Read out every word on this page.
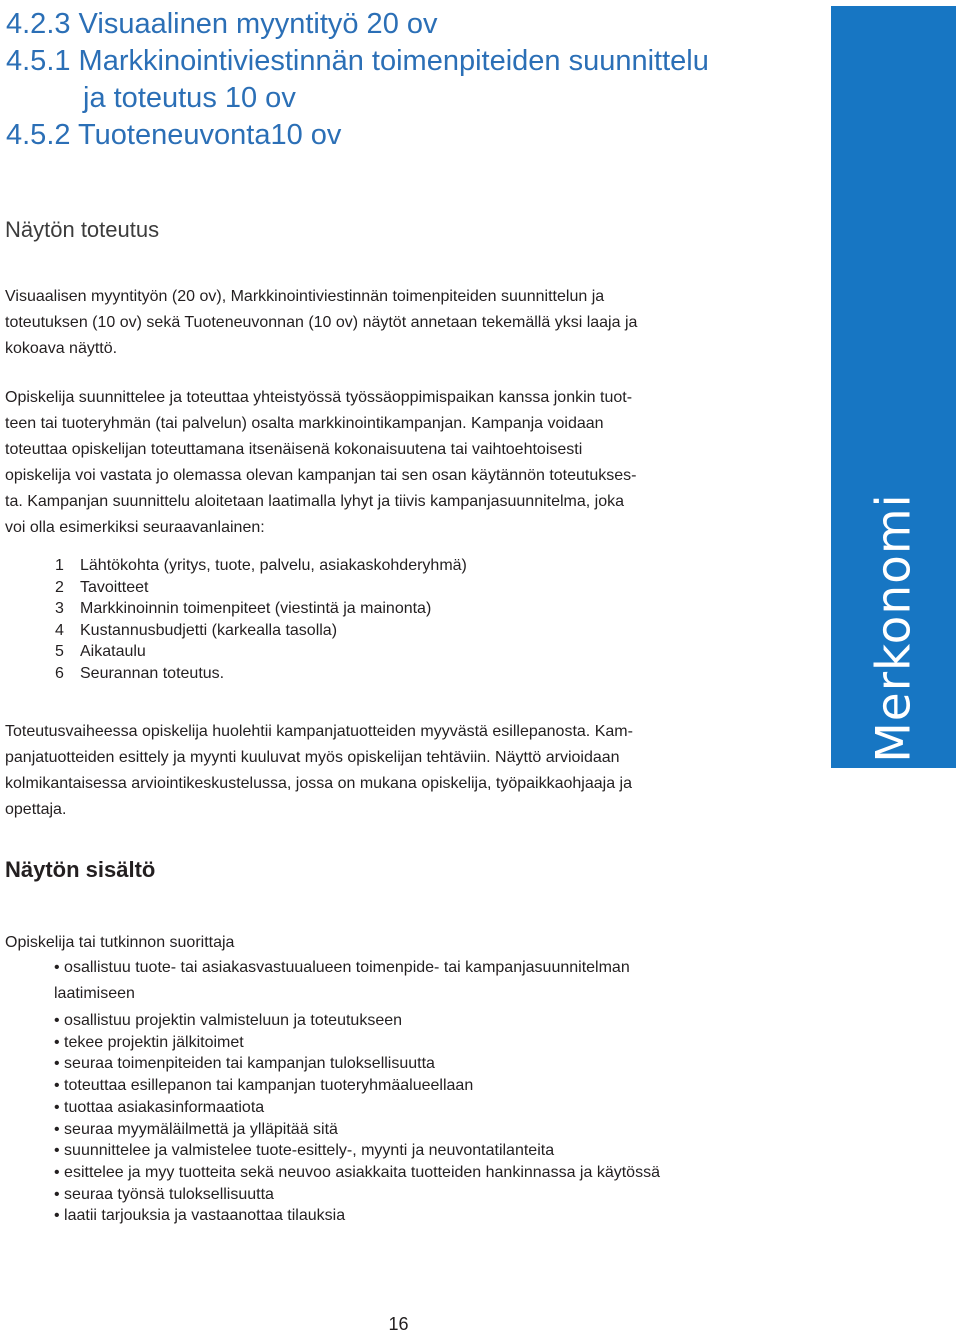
4.2.3 Visuaalinen myyntityö 20 ov
4.5.1 Markkinointiviestinnän toimenpiteiden suunnittelu
ja toteutus 10 ov
4.5.2 Tuoteneuvonta10 ov
Merkonomi
Näytön toteutus
Visuaalisen myyntityön (20 ov), Markkinointiviestinnän toimenpiteiden suunnittelun ja
toteutuksen (10 ov) sekä Tuoteneuvonnan (10 ov) näytöt annetaan tekemällä yksi laaja ja
kokoava näyttö.
Opiskelija suunnittelee ja toteuttaa yhteistyössä työssäoppimispaikan kanssa jonkin tuot-
teen tai tuoteryhmän (tai palvelun) osalta markkinointikampanjan. Kampanja voidaan
toteuttaa opiskelijan toteuttamana itsenäisenä kokonaisuutena tai vaihtoehtoisesti
opiskelija voi vastata jo olemassa olevan kampanjan tai sen osan käytännön toteutukses-
ta. Kampanjan suunnittelu aloitetaan laatimalla lyhyt ja tiivis kampanjasuunnitelma, joka
voi olla esimerkiksi seuraavanlainen:
1 Lähtökohta (yritys, tuote, palvelu, asiakaskohderyhmä)
2 Tavoitteet
3 Markkinoinnin toimenpiteet (viestintä ja mainonta)
4 Kustannusbudjetti (karkealla tasolla)
5 Aikataulu
6 Seurannan toteutus.
Toteutusvaiheessa opiskelija huolehtii kampanjatuotteiden myyvästä esillepanosta. Kam-
panjatuotteiden esittely ja myynti kuuluvat myös opiskelijan tehtäviin. Näyttö arvioidaan
kolmikantaisessa arviointikeskustelussa, jossa on mukana opiskelija, työpaikkaohjaaja ja
opettaja.
Näytön sisältö
Opiskelija tai tutkinnon suorittaja
• osallistuu tuote- tai asiakasvastuualueen toimenpide- tai kampanjasuunnitelman
laatimiseen
• osallistuu projektin valmisteluun ja toteutukseen
• tekee projektin jälkitoimet
• seuraa toimenpiteiden tai kampanjan tuloksellisuutta
• toteuttaa esillepanon tai kampanjan tuoteryhmäalueellaan
• tuottaa asiakasinformaatiota
• seuraa myymäläilmettä ja ylläpitää sitä
• suunnittelee ja valmistelee tuote-esittely-, myynti ja neuvontatilanteita
• esittelee ja myy tuotteita sekä neuvoo asiakkaita tuotteiden hankinnassa ja käytössä
• seuraa työnsä tuloksellisuutta
• laatii tarjouksia ja vastaanottaa tilauksia
16
